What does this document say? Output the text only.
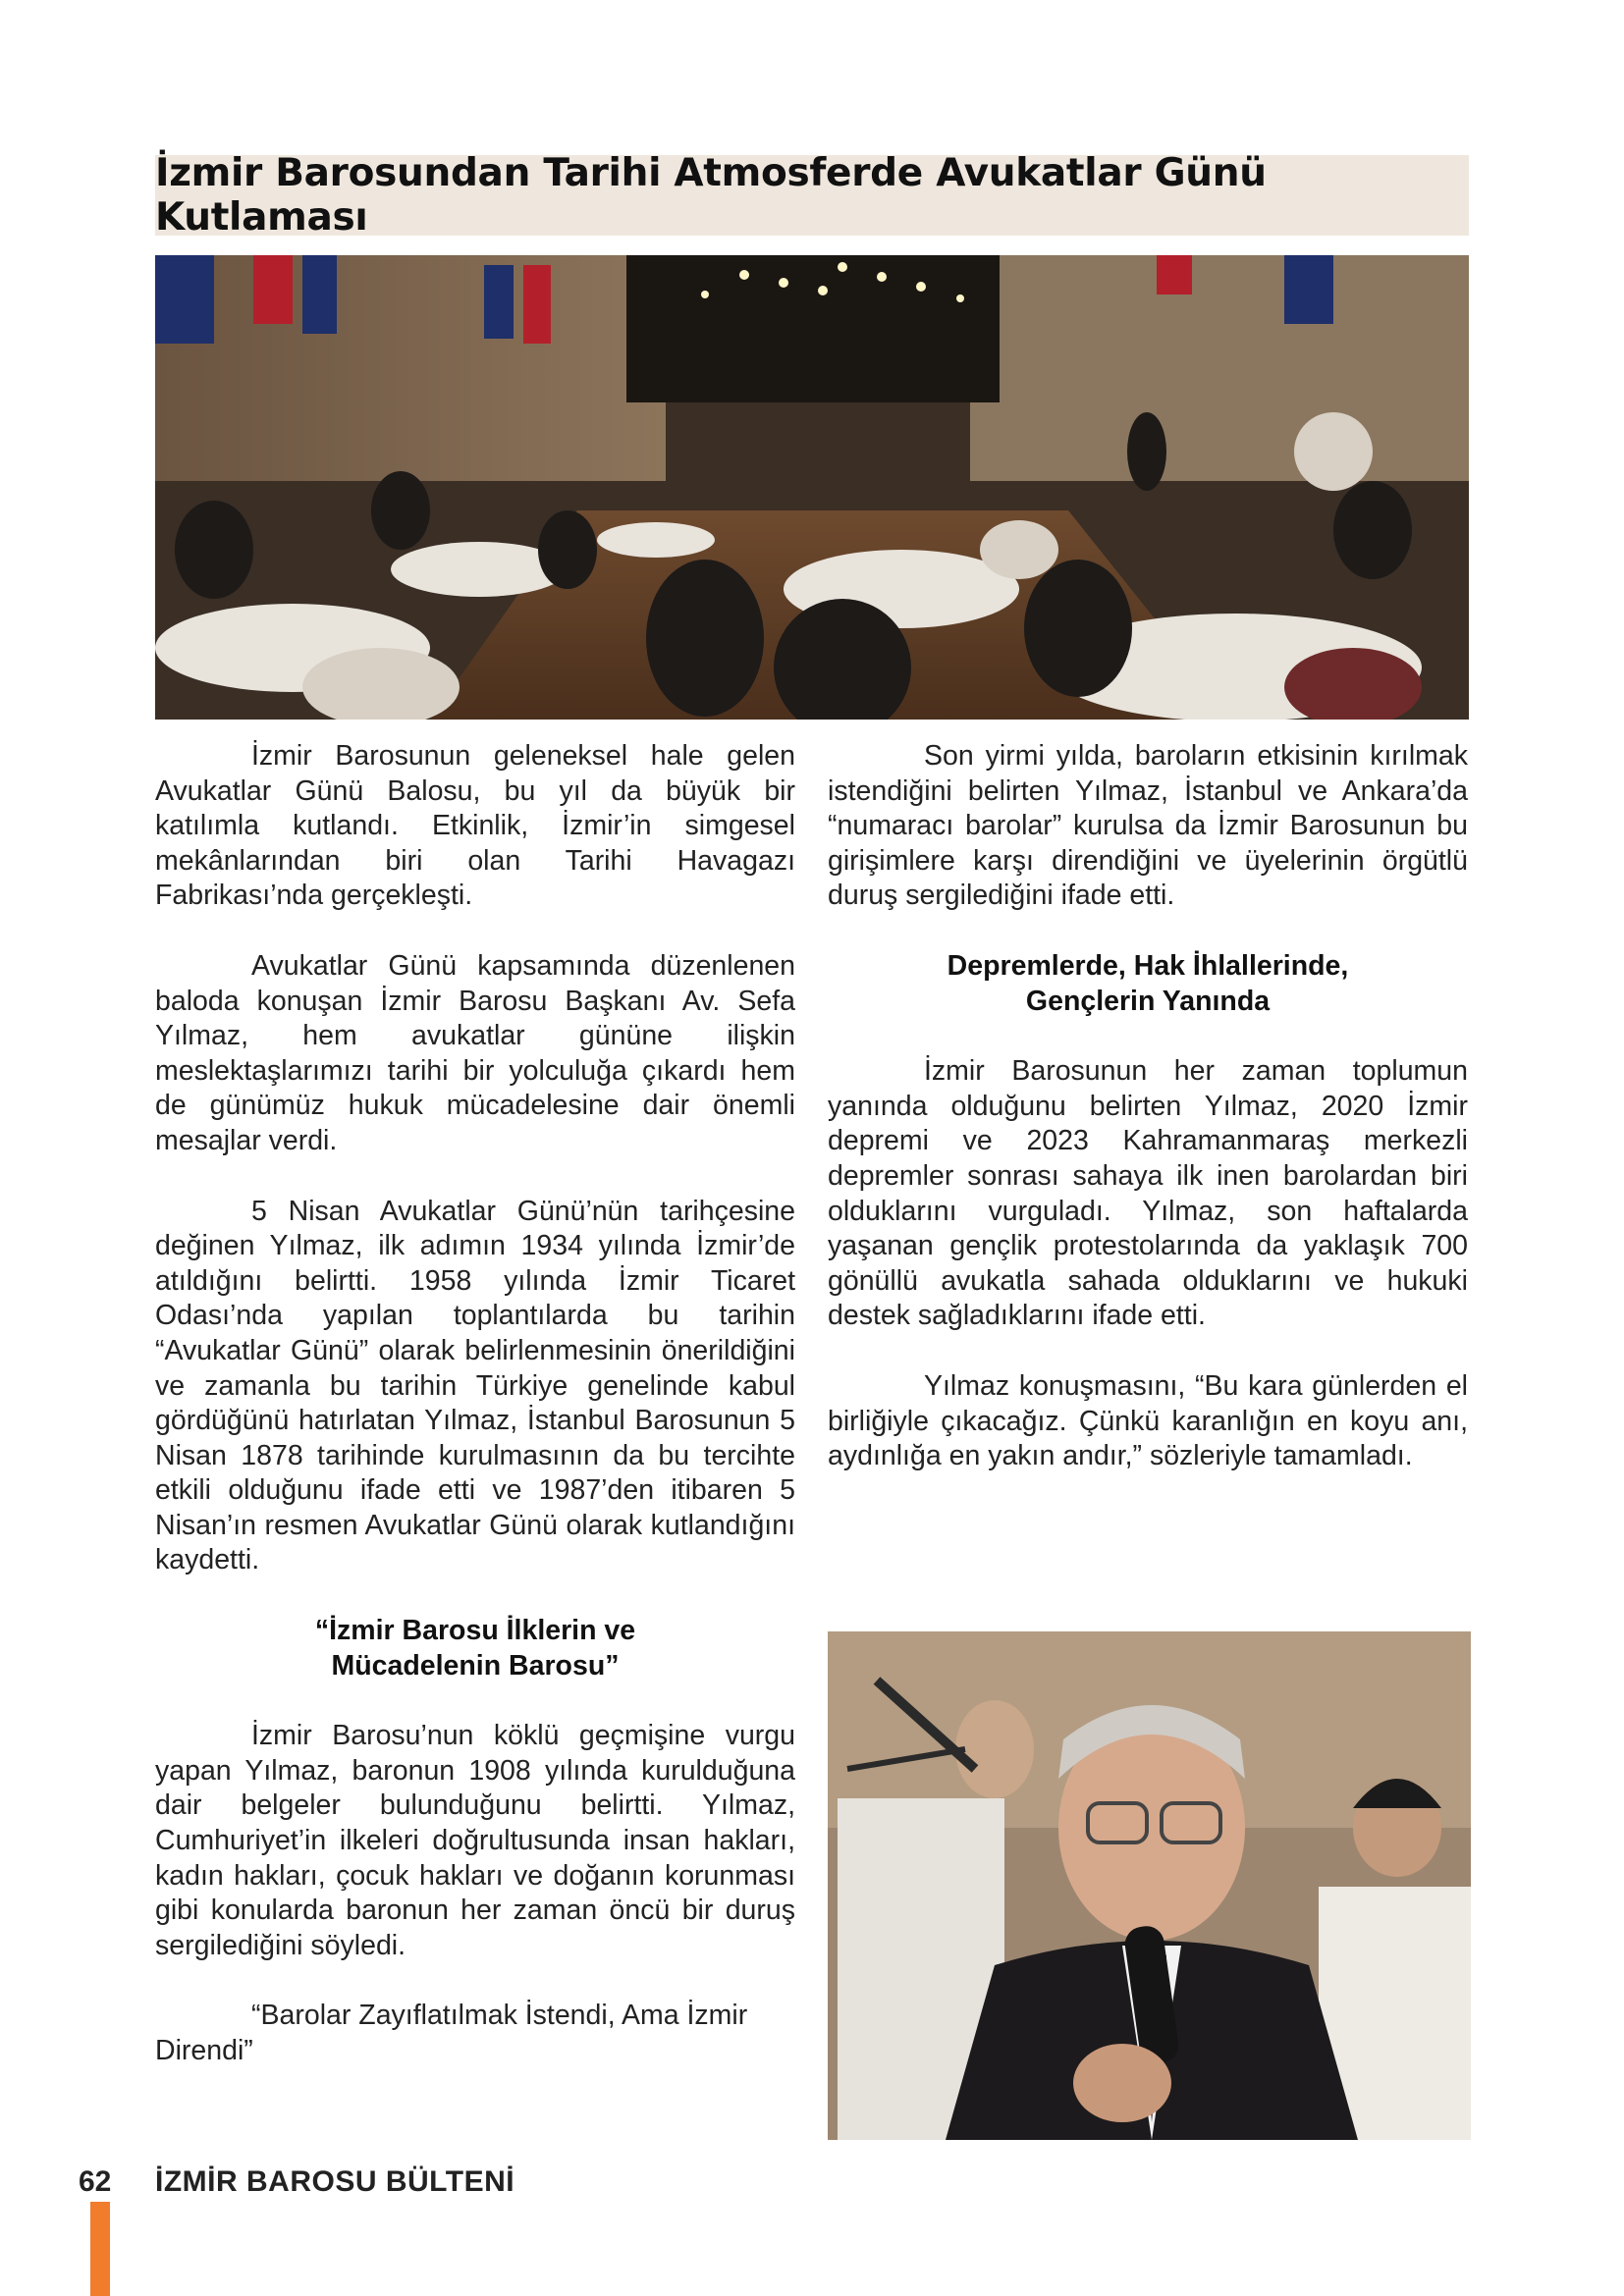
İzmir Barosundan Tarihi Atmosferde Avukatlar Günü Kutlaması

İzmir Barosunun geleneksel hale gelen Avukatlar Günü Balosu, bu yıl da büyük bir katılımla kutlandı. Etkinlik, İzmir’in simgesel mekânlarından biri olan Tarihi Havagazı Fabrikası’nda gerçekleşti.

Avukatlar Günü kapsamında düzenlenen baloda konuşan İzmir Barosu Başkanı Av. Sefa Yılmaz, hem avukatlar gününe ilişkin meslektaşlarımızı tarihi bir yolculuğa çıkardı hem de günümüz hukuk mücadelesine dair önemli mesajlar verdi.

5 Nisan Avukatlar Günü’nün tarihçesine değinen Yılmaz, ilk adımın 1934 yılında İzmir’de atıldığını belirtti. 1958 yılında İzmir Ticaret Odası’nda yapılan toplantılarda bu tarihin “Avukatlar Günü” olarak belirlenmesinin önerildiğini ve zamanla bu tarihin Türkiye genelinde kabul gördüğünü hatırlatan Yılmaz, İstanbul Barosunun 5 Nisan 1878 tarihinde kurulmasının da bu tercihte etkili olduğunu ifade etti ve 1987’den itibaren 5 Nisan’ın resmen Avukatlar Günü olarak kutlandığını kaydetti.

“İzmir Barosu İlklerin ve
Mücadelenin Barosu”

İzmir Barosu’nun köklü geçmişine vurgu yapan Yılmaz, baronun 1908 yılında kurulduğuna dair belgeler bulunduğunu belirtti. Yılmaz, Cumhuriyet’in ilkeleri doğrultusunda insan hakları, kadın hakları, çocuk hakları ve doğanın korunması gibi konularda baronun her zaman öncü bir duruş sergilediğini söyledi.

“Barolar Zayıflatılmak İstendi, Ama İzmir Direndi”

Son yirmi yılda, baroların etkisinin kırılmak istendiğini belirten Yılmaz, İstanbul ve Ankara’da “numaracı barolar” kurulsa da İzmir Barosunun bu girişimlere karşı direndiğini ve üyelerinin örgütlü duruş sergilediğini ifade etti.

Depremlerde, Hak İhlallerinde,
Gençlerin Yanında

İzmir Barosunun her zaman toplumun yanında olduğunu belirten Yılmaz, 2020 İzmir depremi ve 2023 Kahramanmaraş merkezli depremler sonrası sahaya ilk inen barolardan biri olduklarını vurguladı. Yılmaz, son haftalarda yaşanan gençlik protestolarında da yaklaşık 700 gönüllü avukatla sahada olduklarını ve hukuki destek sağladıklarını ifade etti.

Yılmaz konuşmasını, “Bu kara günlerden el birliğiyle çıkacağız. Çünkü karanlığın en koyu anı, aydınlığa en yakın andır,” sözleriyle tamamladı.

62 İZMİR BAROSU BÜLTENİ
